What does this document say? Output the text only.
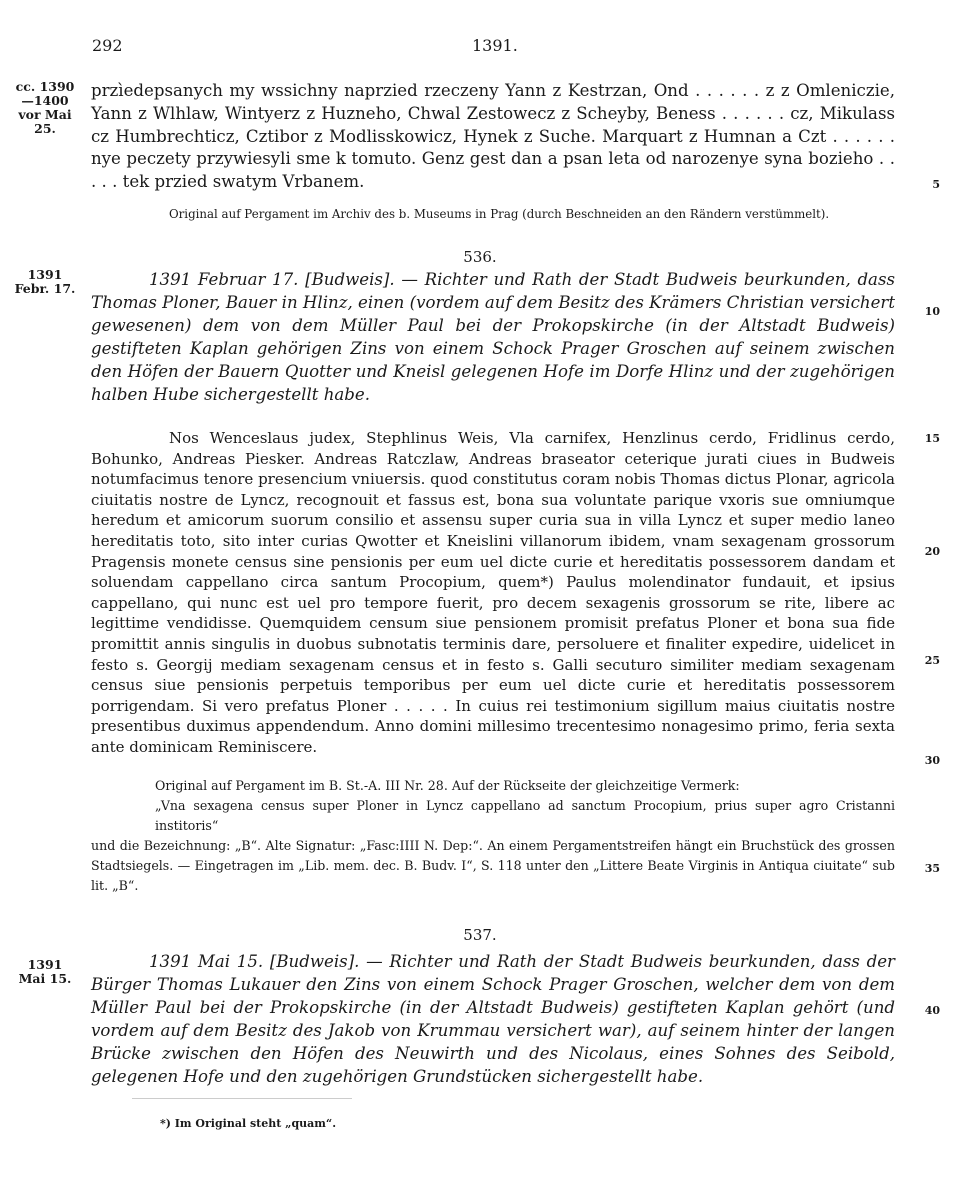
292	1391.
cc. 1390 —1400 vor Mai 25.
1391 Febr. 17.
1391 Mai 15.
5
10
15
20
25
30
35
40
przìedepsanych my wssichny naprzied rzeczeny Yann z Kestrzan, Ond . . . . . . z z Omleniczie, Yann z Wlhlaw, Wintyerz z Huzneho, Chwal Zestowecz z Scheyby, Beness . . . . . . cz, Mikulass cz Humbrechticz, Cztibor z Modlisskowicz, Hynek z Suche. Marquart z Humnan a Czt . . . . . . nye peczety przywiesyli sme k tomuto. Genz gest dan a psan leta od narozenye syna bozieho . . . . . tek przied swatym Vrbanem.
Original auf Pergament im Archiv des b. Museums in Prag (durch Beschneiden an den Rändern verstümmelt).
536.
1391 Februar 17. [Budweis]. — Richter und Rath der Stadt Budweis beurkunden, dass Thomas Ploner, Bauer in Hlinz, einen (vordem auf dem Besitz des Krämers Christian versichert gewesenen) dem von dem Müller Paul bei der Prokopskirche (in der Altstadt Budweis) gestifteten Kaplan gehörigen Zins von einem Schock Prager Groschen auf seinem zwischen den Höfen der Bauern Quotter und Kneisl gelegenen Hofe im Dorfe Hlinz und der zugehörigen halben Hube sichergestellt habe.
Nos Wenceslaus judex, Stephlinus Weis, Vla carnifex, Henzlinus cerdo, Fridlinus cerdo, Bohunko, Andreas Piesker. Andreas Ratczlaw, Andreas braseator ceterique jurati ciues in Budweis notumfacimus tenore presencium vniuersis. quod constitutus coram nobis Thomas dictus Plonar, agricola ciuitatis nostre de Lyncz, recognouit et fassus est, bona sua voluntate parique vxoris sue omniumque heredum et amicorum suorum consilio et assensu super curia sua in villa Lyncz et super medio laneo hereditatis toto, sito inter curias Qwotter et Kneislini villanorum ibidem, vnam sexagenam grossorum Pragensis monete census sine pensionis per eum uel dicte curie et hereditatis possessorem dandam et soluendam cappellano circa santum Procopium, quem*) Paulus molendinator fundauit, et ipsius cappellano, qui nunc est uel pro tempore fuerit, pro decem sexagenis grossorum se rite, libere ac legittime vendidisse. Quemquidem censum siue pensionem promisit prefatus Ploner et bona sua fide promittit annis singulis in duobus subnotatis terminis dare, persoluere et finaliter expedire, uidelicet in festo s. Georgij mediam sexagenam census et in festo s. Galli secuturo similiter mediam sexagenam census siue pensionis perpetuis temporibus per eum uel dicte curie et hereditatis possessorem porrigendam. Si vero prefatus Ploner . . . . . In cuius rei testimonium sigillum maius ciuitatis nostre presentibus duximus appendendum. Anno domini millesimo trecentesimo nonagesimo primo, feria sexta ante dominicam Reminiscere.
Original auf Pergament im B. St.-A. III Nr. 28. Auf der Rückseite der gleichzeitige Vermerk:
„Vna sexagena census super Ploner in Lyncz cappellano ad sanctum Procopium, prius super agro Cristanni institoris“
und die Bezeichnung: „B“. Alte Signatur: „Fasc:IIII N. Dep:“. An einem Pergamentstreifen hängt ein Bruchstück des grossen Stadtsiegels. — Eingetragen im „Lib. mem. dec. B. Budv. I“, S. 118 unter den „Littere Beate Virginis in Antiqua ciuitate“ sub lit. „B“.
537.
1391 Mai 15. [Budweis]. — Richter und Rath der Stadt Budweis beurkunden, dass der Bürger Thomas Lukauer den Zins von einem Schock Prager Groschen, welcher dem von dem Müller Paul bei der Prokopskirche (in der Altstadt Budweis) gestifteten Kaplan gehört (und vordem auf dem Besitz des Jakob von Krummau versichert war), auf seinem hinter der langen Brücke zwischen den Höfen des Neuwirth und des Nicolaus, eines Sohnes des Seibold, gelegenen Hofe und den zugehörigen Grundstücken sichergestellt habe.
*) Im Original steht „quam“.
